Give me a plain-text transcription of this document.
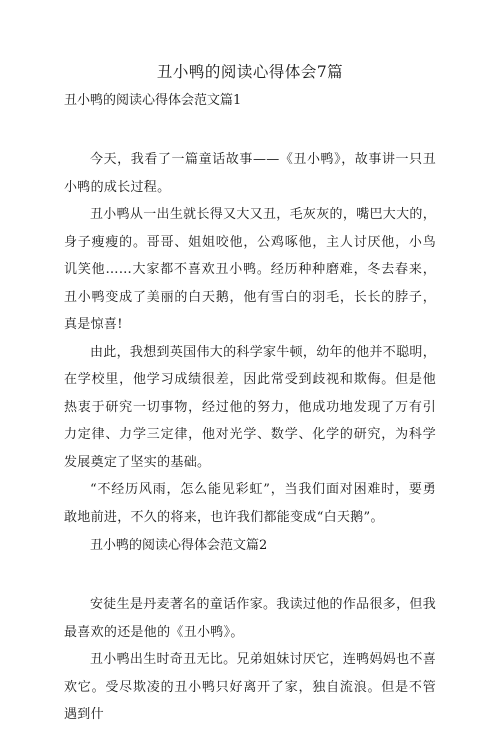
丑小鸭的阅读心得体会7篇
丑小鸭的阅读心得体会范文篇1

今天，我看了一篇童话故事——《丑小鸭》，故事讲一只丑小鸭的成长过程。

丑小鸭从一出生就长得又大又丑，毛灰灰的，嘴巴大大的，身子瘦瘦的。哥哥、姐姐咬他，公鸡啄他，主人讨厌他，小鸟讥笑他……大家都不喜欢丑小鸭。经历种种磨难，冬去春来，丑小鸭变成了美丽的白天鹅，他有雪白的羽毛，长长的脖子，真是惊喜!

由此，我想到英国伟大的科学家牛顿，幼年的他并不聪明，在学校里，他学习成绩很差，因此常受到歧视和欺侮。但是他热衷于研究一切事物，经过他的努力，他成功地发现了万有引力定律、力学三定律，他对光学、数学、化学的研究，为科学发展奠定了坚实的基础。

“不经历风雨，怎么能见彩虹”，当我们面对困难时，要勇敢地前进，不久的将来，也许我们都能变成“白天鹅”。

丑小鸭的阅读心得体会范文篇2

安徒生是丹麦著名的童话作家。我读过他的作品很多，但我最喜欢的还是他的《丑小鸭》。

丑小鸭出生时奇丑无比。兄弟姐妹讨厌它，连鸭妈妈也不喜欢它。受尽欺凌的丑小鸭只好离开了家，独自流浪。但是不管遇到什
